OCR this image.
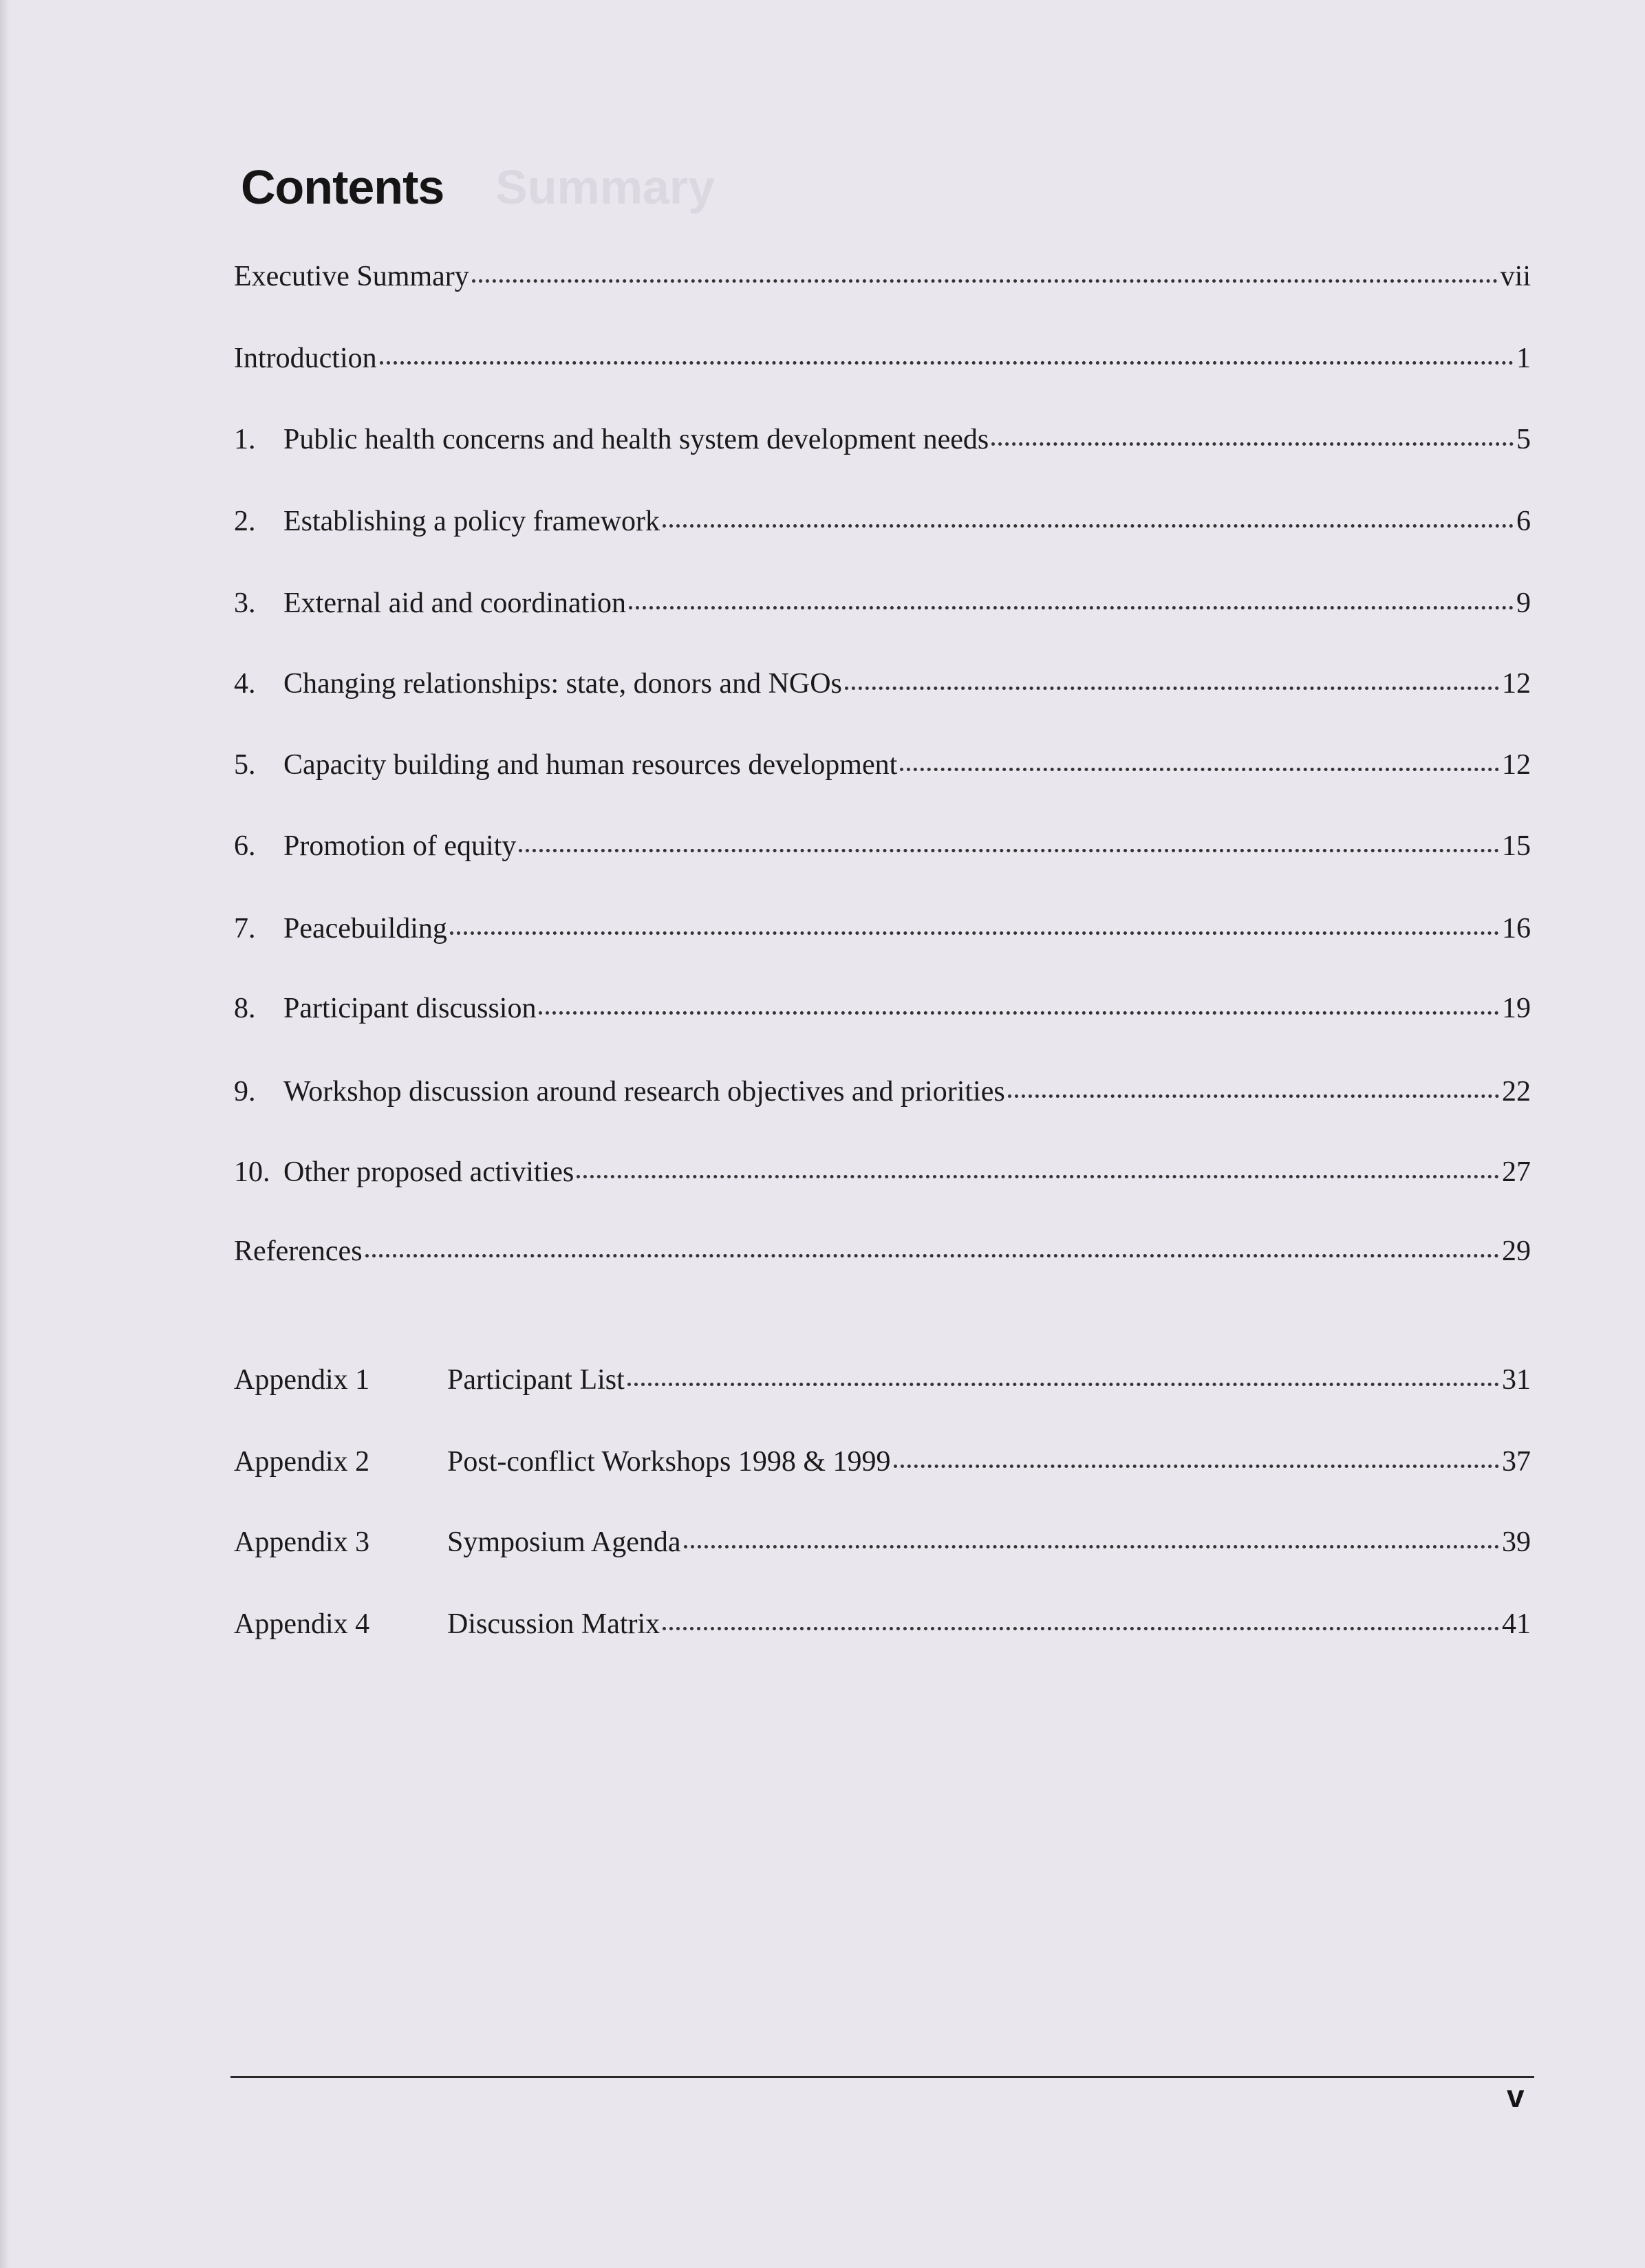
Summary
Contents
Executive Summary	vii
Introduction	1
1. Public health concerns and health system development needs	5
2. Establishing a policy framework	6
3. External aid and coordination	9
4. Changing relationships: state, donors and NGOs	12
5. Capacity building and human resources development	12
6. Promotion of equity	15
7. Peacebuilding	16
8. Participant discussion	19
9. Workshop discussion around research objectives and priorities	22
10. Other proposed activities	27
References	29
Appendix 1	Participant List	31
Appendix 2	Post-conflict Workshops 1998 & 1999	37
Appendix 3	Symposium Agenda	39
Appendix 4	Discussion Matrix	41
v
